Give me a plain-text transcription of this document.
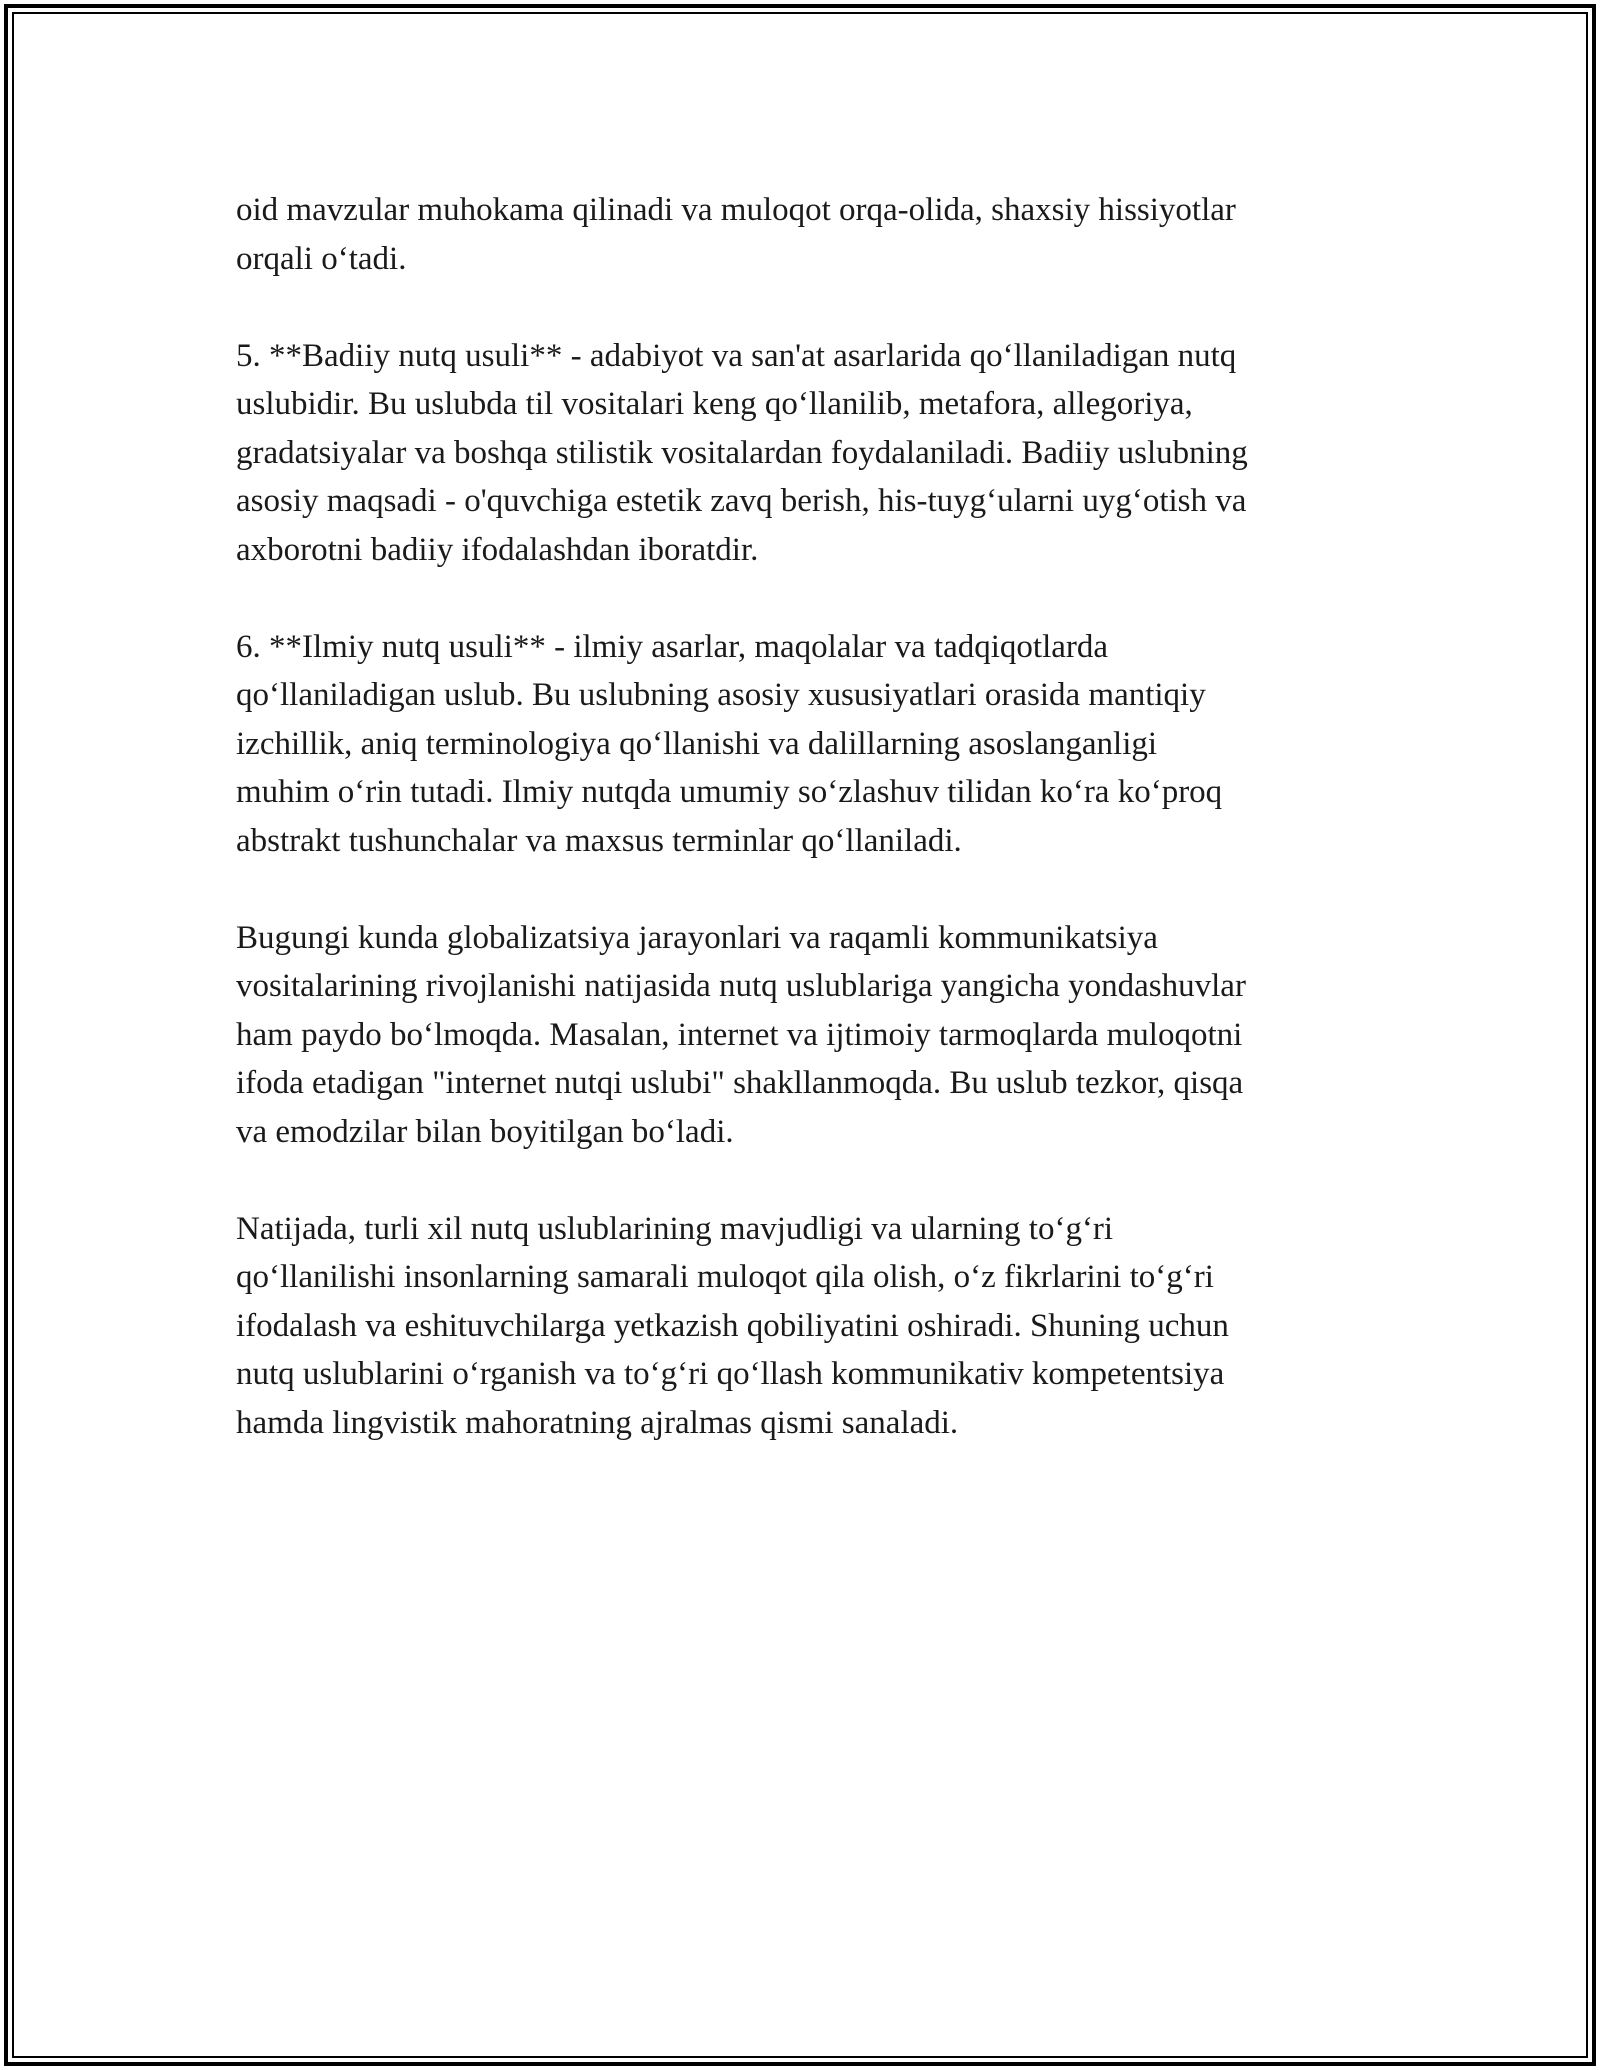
oid mavzular muhokama qilinadi va muloqot orqa-olida, shaxsiy hissiyotlar
orqali o‘tadi.

5. **Badiiy nutq usuli** - adabiyot va san'at asarlarida qo‘llaniladigan nutq
uslubidir. Bu uslubda til vositalari keng qo‘llanilib, metafora, allegoriya,
gradatsiyalar va boshqa stilistik vositalardan foydalaniladi. Badiiy uslubning
asosiy maqsadi - o'quvchiga estetik zavq berish, his-tuyg‘ularni uyg‘otish va
axborotni badiiy ifodalashdan iboratdir.

6. **Ilmiy nutq usuli** - ilmiy asarlar, maqolalar va tadqiqotlarda
qo‘llaniladigan uslub. Bu uslubning asosiy xususiyatlari orasida mantiqiy
izchillik, aniq terminologiya qo‘llanishi va dalillarning asoslanganligi
muhim o‘rin tutadi. Ilmiy nutqda umumiy so‘zlashuv tilidan ko‘ra ko‘proq
abstrakt tushunchalar va maxsus terminlar qo‘llaniladi.

Bugungi kunda globalizatsiya jarayonlari va raqamli kommunikatsiya
vositalarining rivojlanishi natijasida nutq uslublariga yangicha yondashuvlar
ham paydo bo‘lmoqda. Masalan, internet va ijtimoiy tarmoqlarda muloqotni
ifoda etadigan "internet nutqi uslubi" shakllanmoqda. Bu uslub tezkor, qisqa
va emodzilar bilan boyitilgan bo‘ladi.

Natijada, turli xil nutq uslublarining mavjudligi va ularning to‘g‘ri
qo‘llanilishi insonlarning samarali muloqot qila olish, o‘z fikrlarini to‘g‘ri
ifodalash va eshituvchilarga yetkazish qobiliyatini oshiradi. Shuning uchun
nutq uslublarini o‘rganish va to‘g‘ri qo‘llash kommunikativ kompetentsiya
hamda lingvistik mahoratning ajralmas qismi sanaladi.
